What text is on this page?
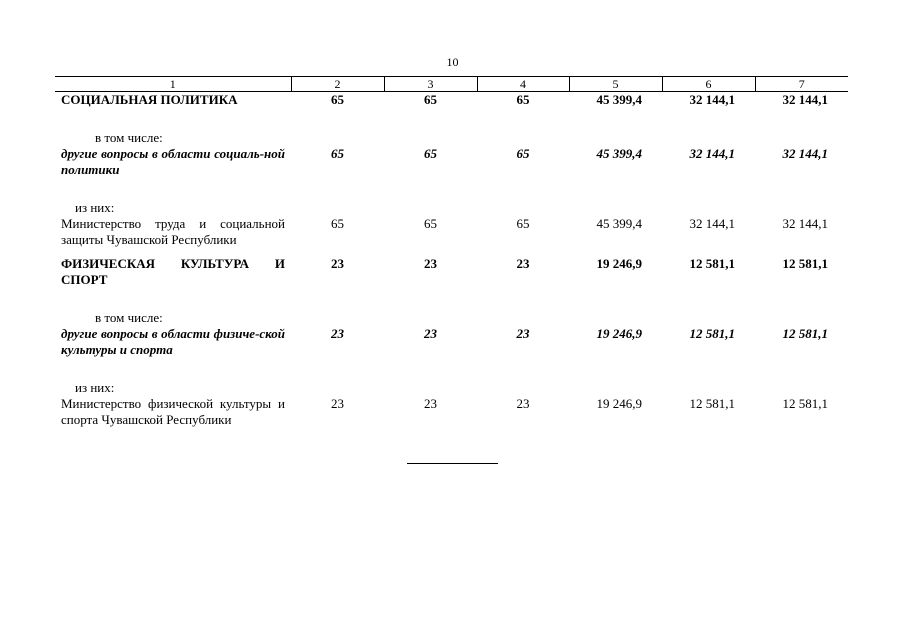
10
1	2	3	4	5	6	7
СОЦИАЛЬНАЯ ПОЛИТИКА	65	65	65	45 399,4	32 144,1	32 144,1

в том числе:						
другие вопросы в области социаль-ной политики	65	65	65	45 399,4	32 144,1	32 144,1

из них:						
Министерство труда и социальной защиты Чувашской Республики	65	65	65	45 399,4	32 144,1	32 144,1

ФИЗИЧЕСКАЯ КУЛЬТУРА И СПОРТ	23	23	23	19 246,9	12 581,1	12 581,1

в том числе:						
другие вопросы в области физиче-ской культуры и спорта	23	23	23	19 246,9	12 581,1	12 581,1

из них:						
Министерство физической культуры и спорта Чувашской Республики	23	23	23	19 246,9	12 581,1	12 581,1
